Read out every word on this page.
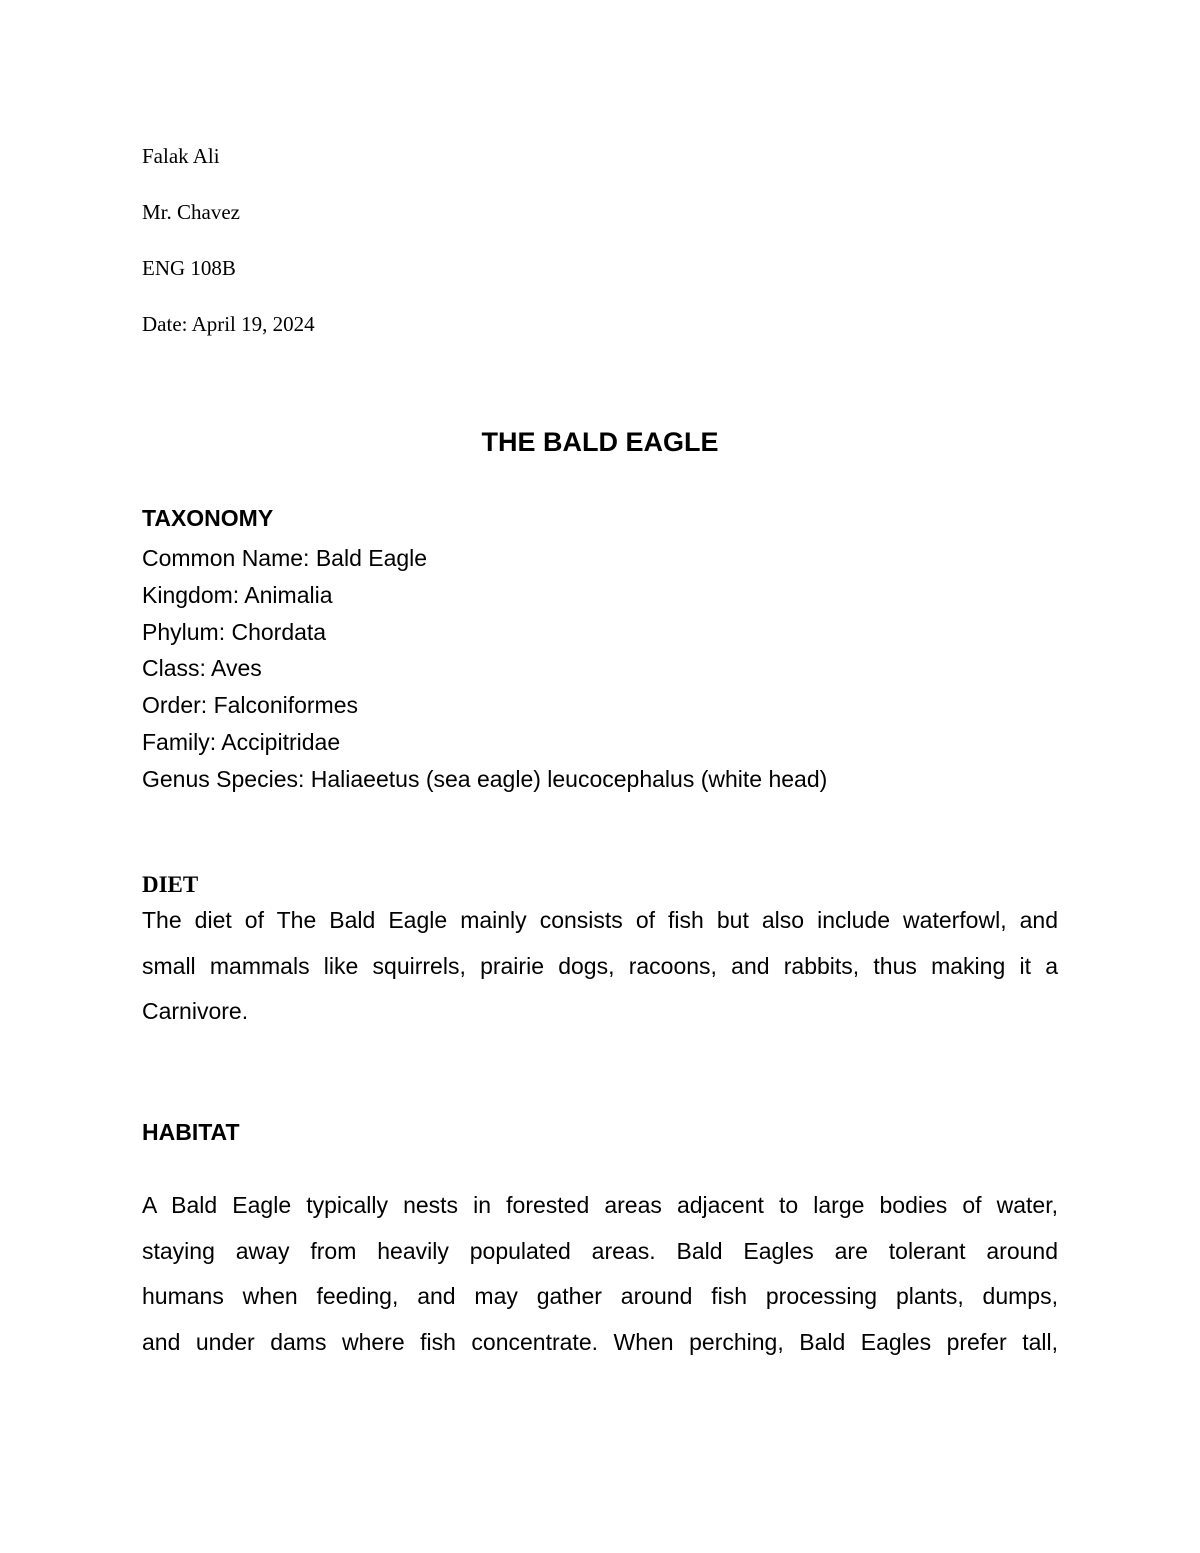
Falak Ali
Mr. Chavez
ENG 108B
Date: April 19, 2024
THE BALD EAGLE
TAXONOMY
Common Name: Bald Eagle
Kingdom: Animalia
Phylum: Chordata
Class: Aves
Order: Falconiformes
Family: Accipitridae
Genus Species: Haliaeetus (sea eagle) leucocephalus (white head)
DIET
The diet of The Bald Eagle mainly consists of fish but also include waterfowl, and
small mammals like squirrels, prairie dogs, racoons, and rabbits, thus making it a
Carnivore.
HABITAT
A Bald Eagle typically nests in forested areas adjacent to large bodies of water,
staying away from heavily populated areas. Bald Eagles are tolerant around
humans when feeding, and may gather around fish processing plants, dumps,
and under dams where fish concentrate. When perching, Bald Eagles prefer tall,
